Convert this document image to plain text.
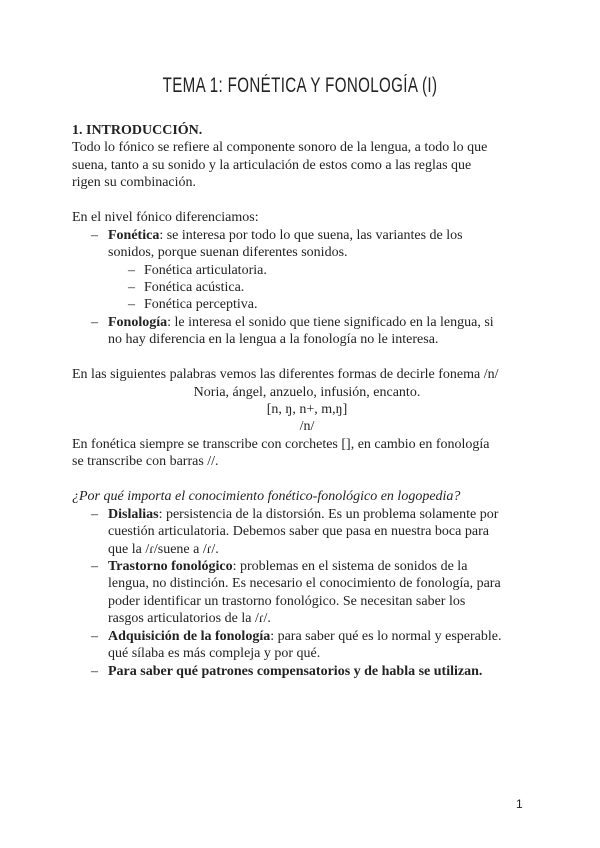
TEMA 1: FONÉTICA Y FONOLOGÍA (I)
1. INTRODUCCIÓN.
Todo lo fónico se refiere al componente sonoro de la lengua, a todo lo que
suena, tanto a su sonido y la articulación de estos como a las reglas que
rigen su combinación.
En el nivel fónico diferenciamos:
– Fonética: se interesa por todo lo que suena, las variantes de los
sonidos, porque suenan diferentes sonidos.
– Fonética articulatoria.
– Fonética acústica.
– Fonética perceptiva.
– Fonología: le interesa el sonido que tiene significado en la lengua, si
no hay diferencia en la lengua a la fonología no le interesa.
En las siguientes palabras vemos las diferentes formas de decirle fonema /n/
Noria, ángel, anzuelo, infusión, encanto.
[n, ŋ, n+, m,ŋ]
/n/
En fonética siempre se transcribe con corchetes [], en cambio en fonología
se transcribe con barras //.
¿Por qué importa el conocimiento fonético-fonológico en logopedia?
– Dislalias: persistencia de la distorsión. Es un problema solamente por
cuestión articulatoria. Debemos saber que pasa en nuestra boca para
que la /ɾ/suene a /ɾ/.
– Trastorno fonológico: problemas en el sistema de sonidos de la
lengua, no distinción. Es necesario el conocimiento de fonología, para
poder identificar un trastorno fonológico. Se necesitan saber los
rasgos articulatorios de la /ɾ/.
– Adquisición de la fonología: para saber qué es lo normal y esperable.
qué sílaba es más compleja y por qué.
– Para saber qué patrones compensatorios y de habla se utilizan.
1
